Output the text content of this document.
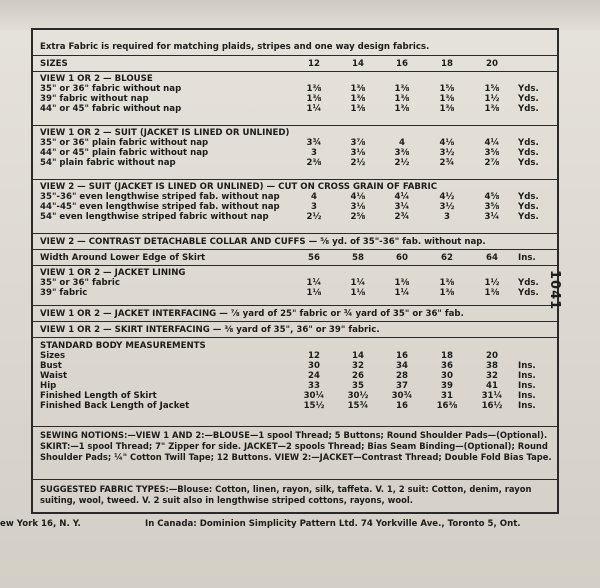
Extra Fabric is required for matching plaids, stripes and one way design fabrics.
SIZES	12	14	16	18	20
VIEW 1 OR 2 — BLOUSE
35" or 36" fabric without nap	1⅜	1⅜	1⅜	1⅝	1⅝	Yds.
39" fabric without nap	1⅜	1⅜	1⅜	1⅜	1½	Yds.
44" or 45" fabric without nap	1¼	1⅜	1⅜	1⅜	1⅜	Yds.
VIEW 1 OR 2 — SUIT (JACKET IS LINED OR UNLINED)
35" or 36" plain fabric without nap	3¾	3⅞	4	4⅛	4¼	Yds.
44" or 45" plain fabric without nap	3	3⅛	3⅜	3½	3⅝	Yds.
54" plain fabric without nap	2⅜	2½	2½	2¾	2⅞	Yds.
VIEW 2 — SUIT (JACKET IS LINED OR UNLINED) — CUT ON CROSS GRAIN OF FABRIC
35"-36" even lengthwise striped fab. without nap	4	4⅛	4¼	4½	4⅝	Yds.
44"-45" even lengthwise striped fab. without nap	3	3⅛	3¼	3½	3⅝	Yds.
54" even lengthwise striped fabric without nap	2½	2⅝	2¾	3	3¼	Yds.
VIEW 2 — CONTRAST DETACHABLE COLLAR AND CUFFS — ⅝ yd. of 35"-36" fab. without nap.
Width Around Lower Edge of Skirt	56	58	60	62	64	Ins.
VIEW 1 OR 2 — JACKET LINING
35" or 36" fabric	1¼	1¼	1⅜	1⅜	1½	Yds.
39" fabric	1⅛	1⅛	1¼	1⅜	1⅜	Yds.
VIEW 1 OR 2 — JACKET INTERFACING — ⅞ yard of 25" fabric or ¾ yard of 35" or 36" fab.
VIEW 1 OR 2 — SKIRT INTERFACING — ⅜ yard of 35", 36" or 39" fabric.
STANDARD BODY MEASUREMENTS
Sizes	12	14	16	18	20
Bust	30	32	34	36	38	Ins.
Waist	24	26	28	30	32	Ins.
Hip	33	35	37	39	41	Ins.
Finished Length of Skirt	30¼	30½	30¾	31	31¼ Ins.
Finished Back Length of Jacket	15½	15¾	16	16⅜	16½ Ins.
SEWING NOTIONS:—VIEW 1 AND 2:—BLOUSE—1 spool Thread; 5 Buttons; Round Shoulder Pads—(Optional). SKIRT:—1 spool Thread; 7" Zipper for side. JACKET—2 spools Thread; Bias Seam Binding—(Optional); Round Shoulder Pads; ¼" Cotton Twill Tape; 12 Buttons. VIEW 2:—JACKET—Contrast Thread; Double Fold Bias Tape.
SUGGESTED FABRIC TYPES:—Blouse: Cotton, linen, rayon, silk, taffeta. V. 1, 2 suit: Cotton, denim, rayon suiting, wool, tweed. V. 2 suit also in lengthwise striped cottons, rayons, wool.
1041
ew York 16, N. Y.	In Canada: Dominion Simplicity Pattern Ltd. 74 Yorkville Ave., Toronto 5, Ont.
